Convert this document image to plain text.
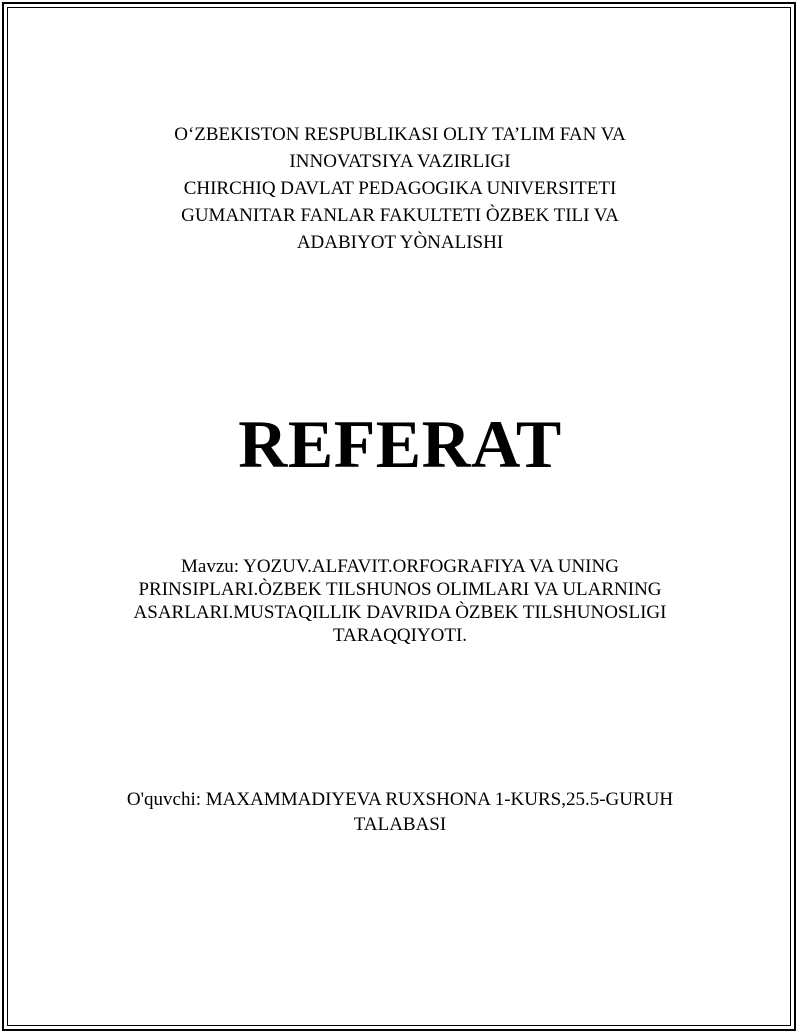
O‘ZBEKISTON RESPUBLIKASI OLIY TA’LIM FAN VA
INNOVATSIYA VAZIRLIGI
CHIRCHIQ DAVLAT PEDAGOGIKA UNIVERSITETI
GUMANITAR FANLAR FAKULTETI ÒZBEK TILI VA
ADABIYOT YÒNALISHI
REFERAT
Mavzu: YOZUV.ALFAVIT.ORFOGRAFIYA VA UNING
PRINSIPLARI.ÒZBEK TILSHUNOS OLIMLARI VA ULARNING
ASARLARI.MUSTAQILLIK DAVRIDA ÒZBEK TILSHUNOSLIGI
TARAQQIYOTI.
O'quvchi: MAXAMMADIYEVA RUXSHONA 1-KURS,25.5-GURUH
TALABASI
